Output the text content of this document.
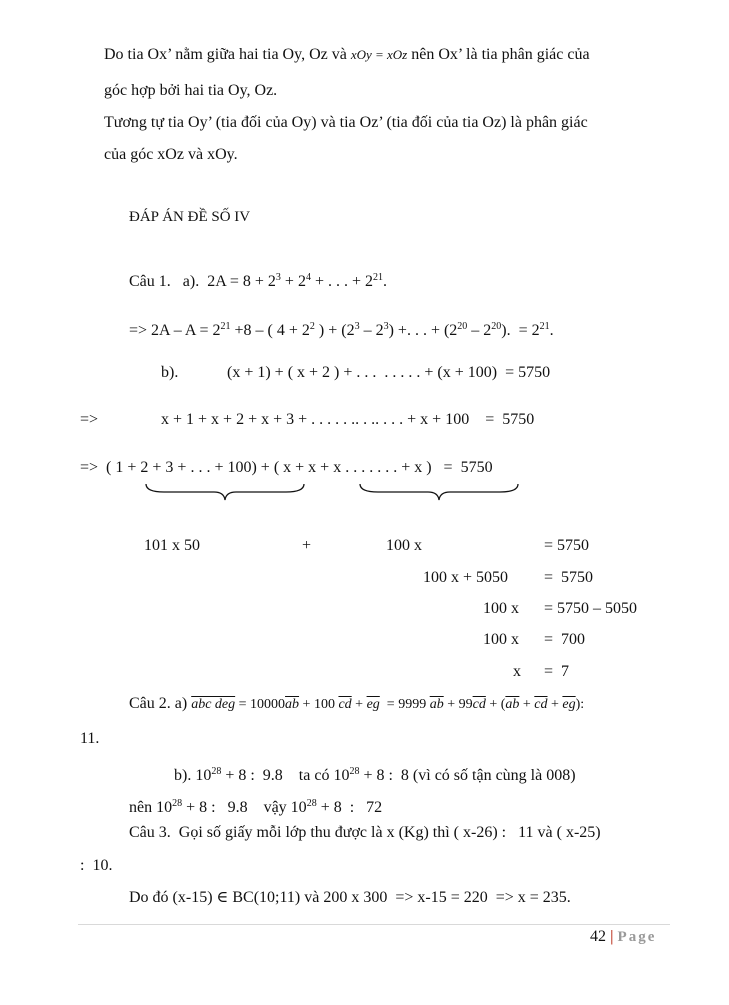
Do tia Ox’ nằm giữa hai tia Oy, Oz và xOy = xOz nên Ox’ là tia phân giác của
góc hợp bởi hai tia Oy, Oz.
Tương tự tia Oy’ (tia đối của Oy) và tia Oz’ (tia đối của tia Oz) là phân giác
của góc xOz và xOy.
ĐÁP ÁN ĐỀ SỐ IV
Câu 1.   a).  $2A = 8 + 2^3 + 2^4$ + . . . + $2^{21}$.
=> $2A - A = 2^{21} +8$ – ( $4 + 2^2$ ) + $(2^3 - 2^3)$ +. . . + $(2^{20} - 2^{20})$.  = $2^{21}$.
b).	(x + 1) + ( x + 2 ) + . . .  . . . . . + (x + 100)  = 5750
=>	x + 1 + x + 2 + x + 3 + . . . . . .. . .. . . . + x + 100    =  5750
=>  ( 1 + 2 + 3 + . . . + 100) + ( x + x + x . . . . . . . + x )   =  5750
101 x 50	+	100 x	= 5750
100 x + 5050 =  5750
100 x = 5750 – 5050
100 x =  700
x =  7
Câu 2. a) abc deg = $10000\overline{ab} + 100$ $\overline{cd} + \overline{eg} = 9999$ $\overline{ab} + 99\overline{cd} + (\overline{ab} + \overline{cd} + \overline{eg})$:
11.
b). $10^{28} + 8$ :  9.8    ta có $10^{28} + 8$ :  8 (vì có số tận cùng là 008)
nên $10^{28} + 8$ :   9.8    vậy $10^{28} + 8$  :   72
Câu 3.  Gọi số giấy mỗi lớp thu được là x (Kg) thì ( x-26) :   11 và ( x-25)
:  10.
Do đó (x-15) ∈ BC(10;11) và 200 x 300  => x-15 = 220  => x = 235.
42 | Page
